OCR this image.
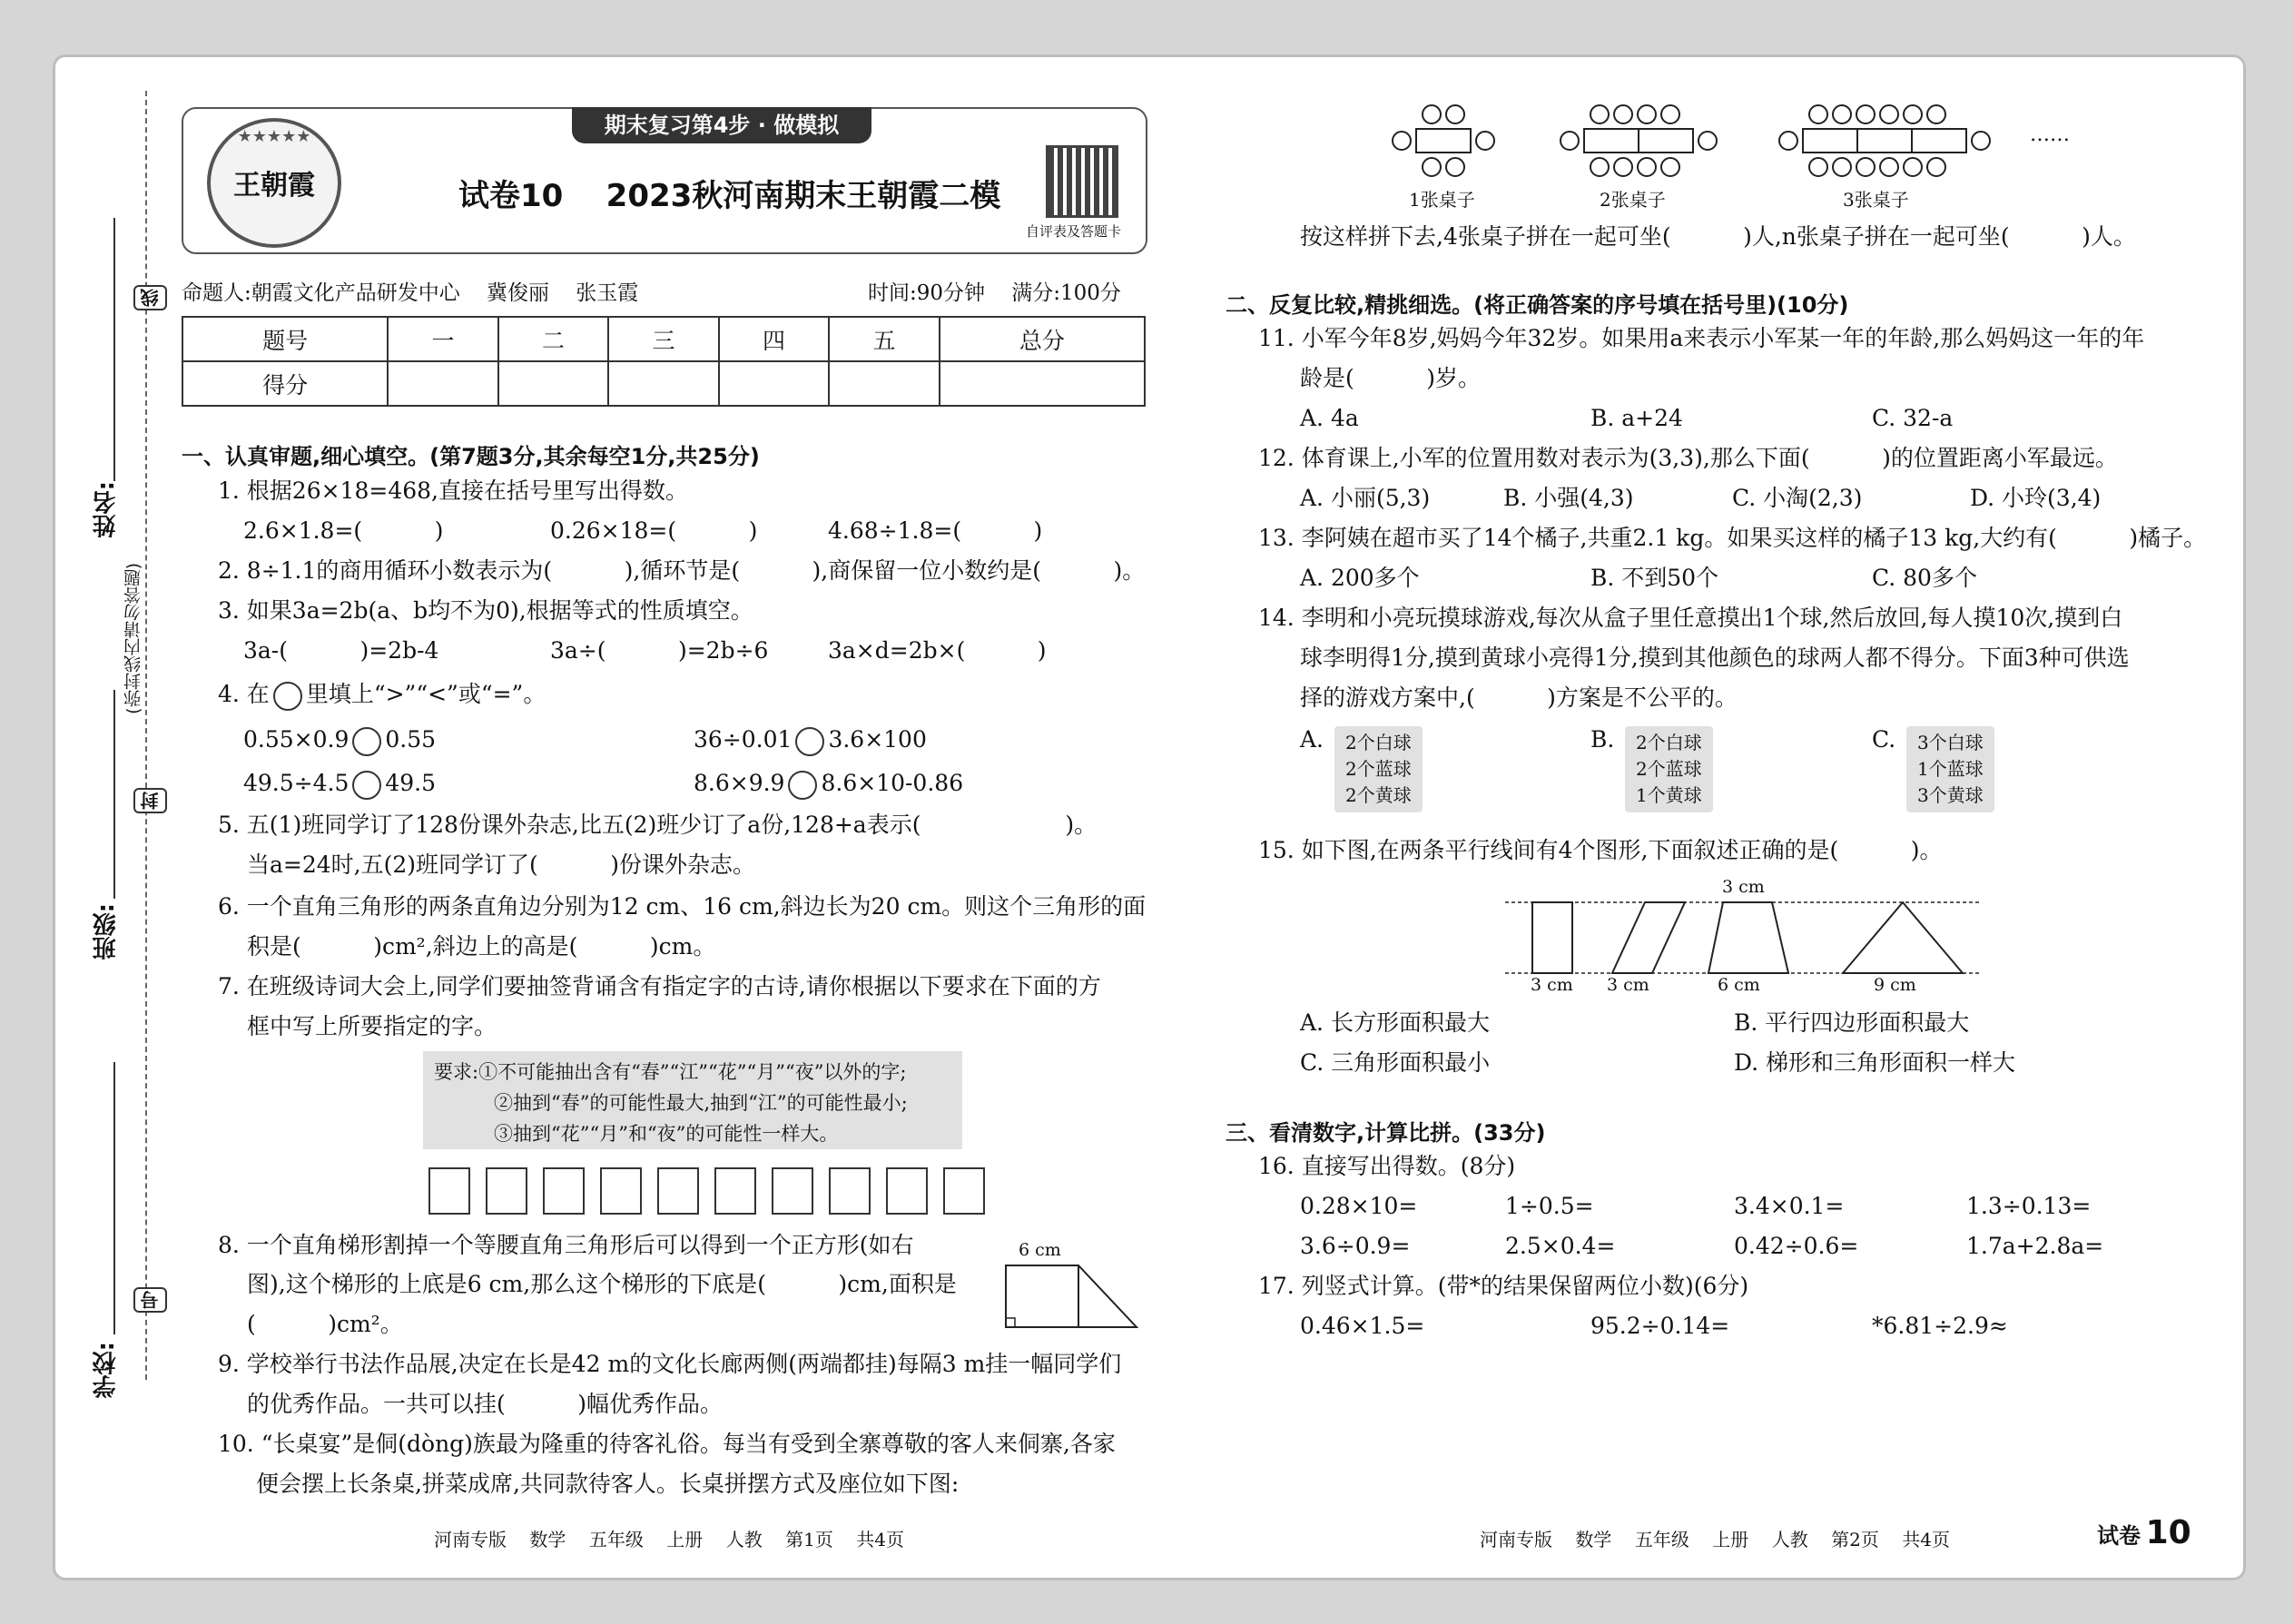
线
姓名:
(弥封线内请勿答题)
封
班级:
学校:
号
期末复习第4步 · 做模拟
★★★★★
王朝霞	试卷10    2023秋河南期末王朝霞二模
自评表及答题卡
命题人:朝霞文化产品研发中心    冀俊丽    张玉霞	时间:90分钟    满分:100分
题号	一	二	三	四	五	总分
得分						
一、认真审题,细心填空。(第7题3分,其余每空1分,共25分)
1. 根据26×18=468,直接在括号里写出得数。
2.6×1.8=(          )	0.26×18=(          )	4.68÷1.8=(          )
2. 8÷1.1的商用循环小数表示为(          ),循环节是(          ),商保留一位小数约是(          )。
3. 如果3a=2b(a、b均不为0),根据等式的性质填空。
3a-(          )=2b-4	3a÷(          )=2b÷6	3a×d=2b×(          )
4. 在 里填上“>”“<”或“=”。
0.55×0.9 0.55	36÷0.01 3.6×100
49.5÷4.5 49.5	8.6×9.9 8.6×10-0.86
5. 五(1)班同学订了128份课外杂志,比五(2)班少订了a份,128+a表示(                    )。
当a=24时,五(2)班同学订了(          )份课外杂志。
6. 一个直角三角形的两条直角边分别为12 cm、16 cm,斜边长为20 cm。则这个三角形的面
积是(          )cm²,斜边上的高是(          )cm。
7. 在班级诗词大会上,同学们要抽签背诵含有指定字的古诗,请你根据以下要求在下面的方
框中写上所要指定的字。
要求:①不可能抽出含有“春”“江”“花”“月”“夜”以外的字;
②抽到“春”的可能性最大,抽到“江”的可能性最小;
③抽到“花”“月”和“夜”的可能性一样大。
8. 一个直角梯形割掉一个等腰直角三角形后可以得到一个正方形(如右
图),这个梯形的上底是6 cm,那么这个梯形的下底是(          )cm,面积是
(          )cm²。
6 cm
9. 学校举行书法作品展,决定在长是42 m的文化长廊两侧(两端都挂)每隔3 m挂一幅同学们
的优秀作品。一共可以挂(          )幅优秀作品。
10. “长桌宴”是侗(dòng)族最为隆重的待客礼俗。每当有受到全寨尊敬的客人来侗寨,各家
便会摆上长条桌,拼菜成席,共同款待客人。长桌拼摆方式及座位如下图:
河南专版    数学    五年级    上册    人教    第1页    共4页
……
1张桌子	2张桌子	3张桌子
按这样拼下去,4张桌子拼在一起可坐(          )人,n张桌子拼在一起可坐(          )人。
二、反复比较,精挑细选。(将正确答案的序号填在括号里)(10分)
11. 小军今年8岁,妈妈今年32岁。如果用a来表示小军某一年的年龄,那么妈妈这一年的年
龄是(          )岁。
A. 4a	B. a+24	C. 32-a
12. 体育课上,小军的位置用数对表示为(3,3),那么下面(          )的位置距离小军最远。
A. 小丽(5,3)	B. 小强(4,3)	C. 小淘(2,3)	D. 小玲(3,4)
13. 李阿姨在超市买了14个橘子,共重2.1 kg。如果买这样的橘子13 kg,大约有(          )橘子。
A. 200多个	B. 不到50个	C. 80多个
14. 李明和小亮玩摸球游戏,每次从盒子里任意摸出1个球,然后放回,每人摸10次,摸到白
球李明得1分,摸到黄球小亮得1分,摸到其他颜色的球两人都不得分。下面3种可供选
择的游戏方案中,(          )方案是不公平的。
A. 2个白球
2个蓝球
2个黄球
B. 2个白球
2个蓝球
1个黄球
C. 3个白球
1个蓝球
3个黄球
15. 如下图,在两条平行线间有4个图形,下面叙述正确的是(          )。
3 cm
3 cm 3 cm	6 cm	9 cm
A. 长方形面积最大	B. 平行四边形面积最大
C. 三角形面积最小	D. 梯形和三角形面积一样大
三、看清数字,计算比拼。(33分)
16. 直接写出得数。(8分)
0.28×10=	1÷0.5=	3.4×0.1=	1.3÷0.13=
3.6÷0.9=	2.5×0.4=	0.42÷0.6=	1.7a+2.8a=
17. 列竖式计算。(带*的结果保留两位小数)(6分)
0.46×1.5=	95.2÷0.14=	*6.81÷2.9≈
河南专版    数学    五年级    上册    人教    第2页    共4页	试卷 10
